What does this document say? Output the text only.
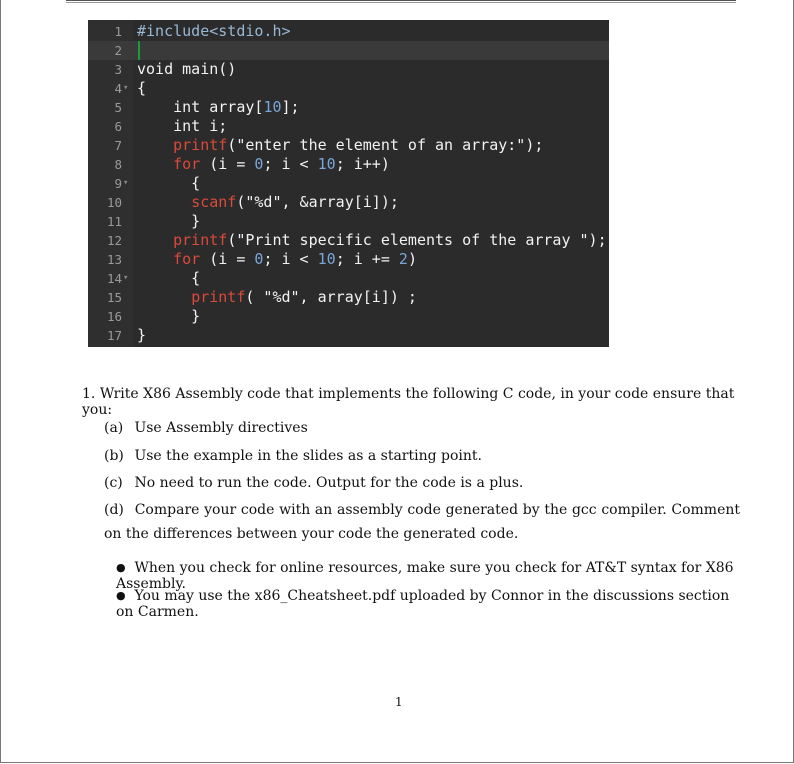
1 #include<stdio.h>
2
3 void main()
4 ▾ {
5 int array[10];
6 int i;
7	printf("enter the element of an array:");
8	for (i = 0; i < 10; i++)
9 ▾ {
10	scanf("%d", &array[i]);
11 }
12	printf("Print specific elements of the array ");
13	for (i = 0; i < 10; i += 2)
14 ▾ {
15	printf( "%d", array[i]) ;
16 }
17 }
1. Write X86 Assembly code that implements the following C code, in your code ensure that you:
(a) Use Assembly directives
(b) Use the example in the slides as a starting point.
(c) No need to run the code. Output for the code is a plus.
(d) Compare your code with an assembly code generated by the gcc compiler. Comment on the differences between your code the generated code.
● When you check for online resources, make sure you check for AT&T syntax for X86 Assembly.
● You may use the x86_Cheatsheet.pdf uploaded by Connor in the discussions section on Carmen.
1
